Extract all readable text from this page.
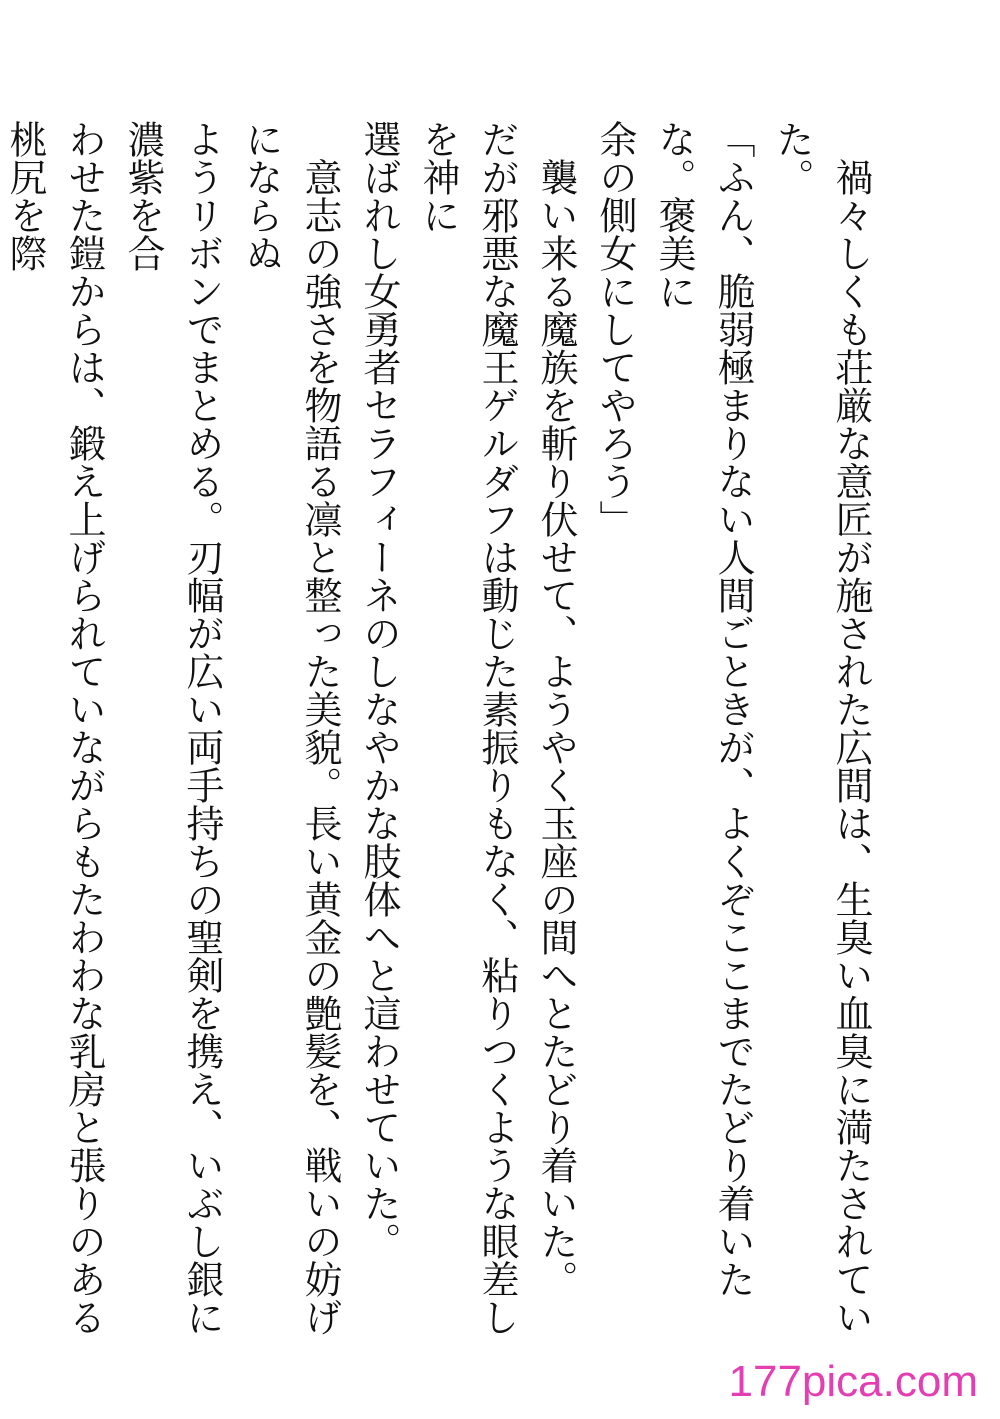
禍々しくも荘厳な意匠が施された広間は、生臭い血臭に満たされていた。
「ふん、脆弱極まりない人間ごときが、よくぞここまでたどり着いたな。褒美に
余の側女にしてやろう」
襲い来る魔族を斬り伏せて、ようやく玉座の間へとたどり着いた。
だが邪悪な魔王ゲルダフは動じた素振りもなく、粘りつくような眼差しを神に
選ばれし女勇者セラフィーネのしなやかな肢体へと這わせていた。
意志の強さを物語る凛と整った美貌。長い黄金の艶髪を、戦いの妨げにならぬ
ようリボンでまとめる。刃幅が広い両手持ちの聖剣を携え、いぶし銀に濃紫を合
わせた鎧からは、鍛え上げられていながらもたわわな乳房と張りのある桃尻を際
177pica.com
